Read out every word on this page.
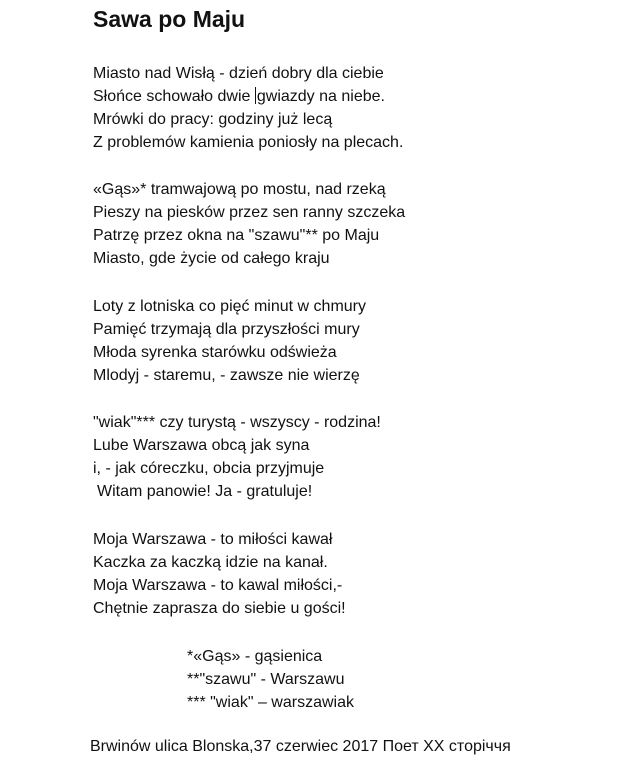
Sawa po Maju
Miasto nad Wisłą - dzień dobry dla ciebie
Słońce schowało dwie gwiazdy na niebe.
Mrówki do pracy: godziny już lecą
Z problemów kamienia poniosły na plecach.
«Gąs»* tramwajową po mostu, nad rzeką
Pieszy na piesków przez sen ranny szczeka
Patrzę przez okna na "szawu"** po Maju
Miasto, gde życie od całego kraju
Loty z lotniska co pięć minut w chmury
Pamięć trzymają dla przyszłości mury
Młoda syrenka starówku odświeża
Mlodyj - staremu, - zawsze nie wierzę
"wiak"*** czy turystą - wszyscy - rodzina!
Lube Warszawa obcą jak syna
i, - jak córeczku, obcia przyjmuje
Witam panowie! Ja - gratuluje!
Moja Warszawa - to miłości kawał
Kaczka za kaczką idzie na kanał.
Moja Warszawa - to kawal miłości,-
Chętnie zaprasza do siebie u gości!
*«Gąs» - gąsienica
**"szawu" - Warszawu
*** "wiak" – warszawiak
Brwinów ulica Blonska,37 czerwiec 2017 Поет XX сторіччя
